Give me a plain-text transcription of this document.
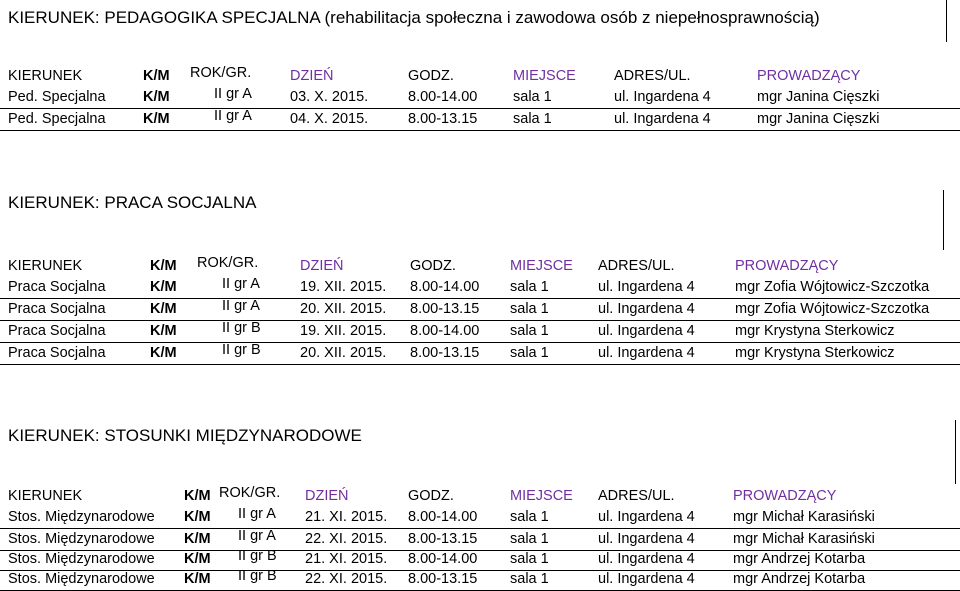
KIERUNEK: PEDAGOGIKA SPECJALNA (rehabilitacja społeczna i zawodowa osób z niepełnosprawnością)
KIERUNEK	K/M ROK/GR.	DZIEŃ	GODZ.	MIEJSCE	ADRES/UL.	PROWADZĄCY
Ped. Specjalna	K/M	II gr A	03. X. 2015.	8.00-14.00 sala 1	ul. Ingardena 4	mgr Janina Cięszki
Ped. Specjalna	K/M	II gr A	04. X. 2015.	8.00-13.15 sala 1	ul. Ingardena 4	mgr Janina Cięszki
KIERUNEK: PRACA SOCJALNA
KIERUNEK	K/M ROK/GR.	DZIEŃ	GODZ.	MIEJSCE ADRES/UL.	PROWADZĄCY
Praca Socjalna	K/M	II gr A	19. XII. 2015. 8.00-14.00 sala 1	ul. Ingardena 4	mgr Zofia Wójtowicz-Szczotka
Praca Socjalna	K/M	II gr A	20. XII. 2015. 8.00-13.15 sala 1	ul. Ingardena 4	mgr Zofia Wójtowicz-Szczotka
Praca Socjalna	K/M	II gr B	19. XII. 2015. 8.00-14.00 sala 1	ul. Ingardena 4	mgr Krystyna Sterkowicz
Praca Socjalna	K/M	II gr B	20. XII. 2015. 8.00-13.15 sala 1	ul. Ingardena 4	mgr Krystyna Sterkowicz
KIERUNEK: STOSUNKI MIĘDZYNARODOWE
KIERUNEK	K/M ROK/GR. DZIEŃ	GODZ.	MIEJSCE ADRES/UL.	PROWADZĄCY
Stos. Międzynarodowe K/M II gr A 21. XI. 2015. 8.00-14.00 sala 1	ul. Ingardena 4	mgr Michał Karasiński
Stos. Międzynarodowe K/M II gr A 22. XI. 2015. 8.00-13.15 sala 1	ul. Ingardena 4	mgr Michał Karasiński
Stos. Międzynarodowe K/M II gr B 21. XI. 2015. 8.00-14.00 sala 1	ul. Ingardena 4	mgr Andrzej Kotarba
Stos. Międzynarodowe K/M II gr B 22. XI. 2015. 8.00-13.15 sala 1	ul. Ingardena 4	mgr Andrzej Kotarba
